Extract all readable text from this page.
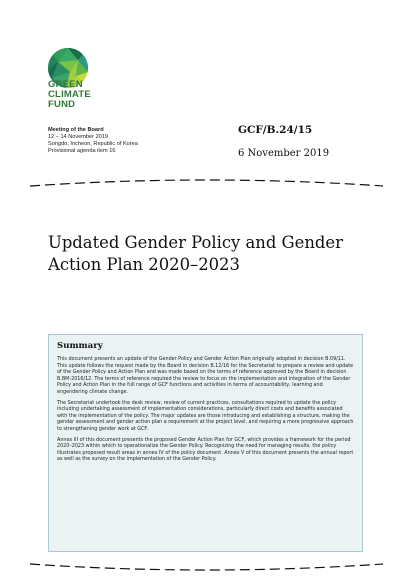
GREEN
CLIMATE
FUND
Meeting of the Board
12 – 14 November 2019
Songdo, Incheon, Republic of Korea
Provisional agenda item 16
GCF/B.24/15
6 November 2019
Updated Gender Policy and Gender Action Plan 2020–2023
Summary

This document presents an update of the Gender Policy and Gender Action Plan originally adopted in decision B.09/11. This update follows the request made by the Board in decision B.12/16 for the Secretariat to prepare a review and update of the Gender Policy and Action Plan and was made based on the terms of reference approved by the Board in decision B.BM-2016/12. The terms of reference required the review to focus on the implementation and integration of the Gender Policy and Action Plan in the full range of GCF functions and activities in terms of accountability, learning and engendering climate change.

The Secretariat undertook the desk review, review of current practices, consultations required to update the policy including undertaking assessment of implementation considerations, particularly direct costs and benefits associated with the implementation of the policy. The major updates are those introducing and establishing a structure, making the gender assessment and gender action plan a requirement at the project level, and requiring a more progressive approach to strengthening gender work at GCF.

Annex III of this document presents the proposed Gender Action Plan for GCF, which provides a framework for the period 2020–2023 within which to operationalize the Gender Policy. Recognizing the need for managing results, the policy illustrates proposed result areas in annex IV of the policy document. Annex V of this document presents the annual report as well as the survey on the implementation of the Gender Policy.
